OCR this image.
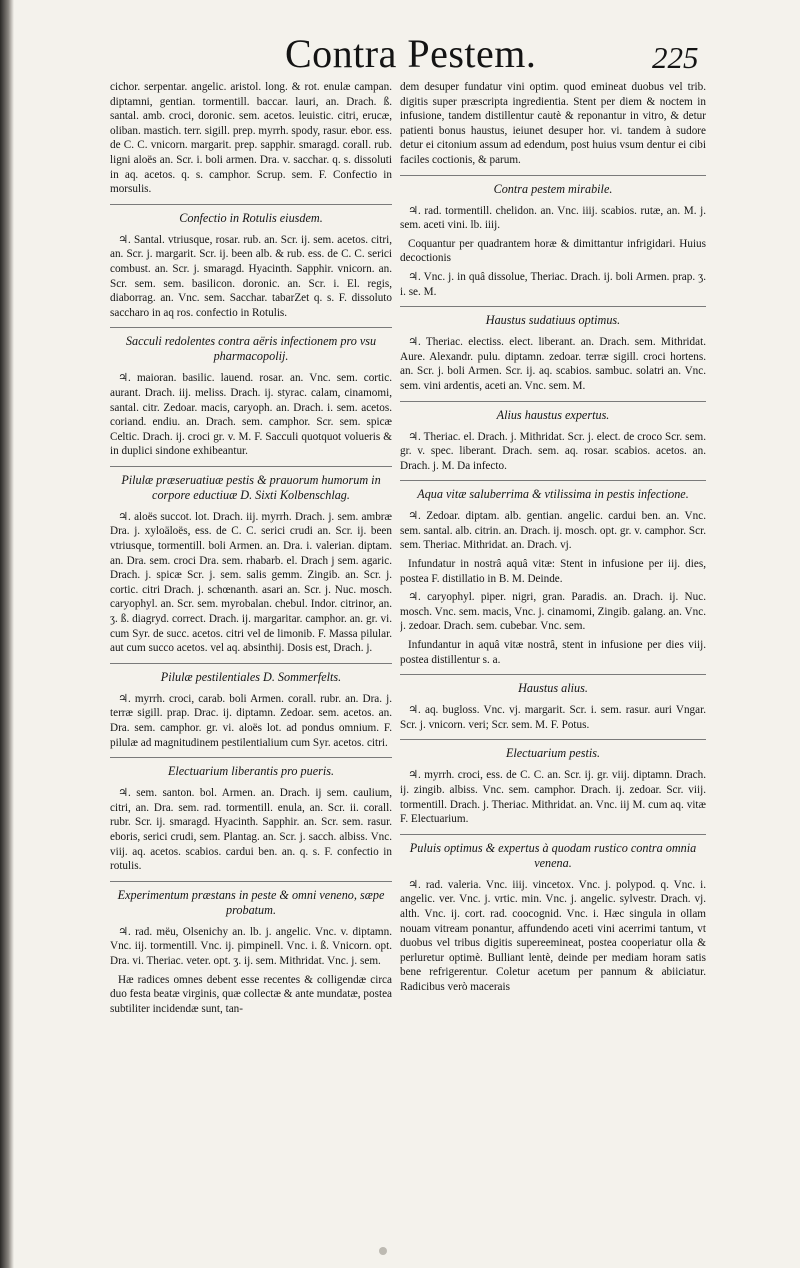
Contra Pestem.	225

cichor. serpentar. angelic. aristol. long. & rot. enulæ campan. diptamni, gentian. tormentill. baccar. lauri, an. Drach. ß. santal. amb. croci, doronic. sem. acetos. leuistic. citri, erucæ, oliban. mastich. terr. sigill. prep. myrrh. spody, rasur. ebor. ess. de C. C. vnicorn. margarit. prep. sapphir. smaragd. corall. rub. ligni aloës an. Scr. i. boli armen. Dra. v. sacchar. q. s. dissoluti in aq. acetos. q. s. camphor. Scrup. sem. F. Confectio in morsulis.

Confectio in Rotulis eiusdem.

♃. Santal. vtriusque, rosar. rub. an. Scr. ij. sem. acetos. citri, an. Scr. j. margarit. Scr. ij. been alb. & rub. ess. de C. C. serici combust. an. Scr. j. smaragd. Hyacinth. Sapphir. vnicorn. an. Scr. sem. sem. basilicon. doronic. an. Scr. i. El. regis, diaborrag. an. Vnc. sem. Sacchar. tabarZet q. s. F. dissoluto saccharo in aq ros. confectio in Rotulis.

Sacculi redolentes contra aëris infectionem pro vsu pharmacopolij.

♃. maioran. basilic. lauend. rosar. an. Vnc. sem. cortic. aurant. Drach. iij. meliss. Drach. ij. styrac. calam, cinamomi, santal. citr. Zedoar. macis, caryoph. an. Drach. i. sem. acetos. coriand. endiu. an. Drach. sem. camphor. Scr. sem. spicæ Celtic. Drach. ij. croci gr. v. M. F. Sacculi quotquot volueris & in duplici sindone exhibeantur.

Pilulæ præseruatiuæ pestis & prauorum humorum in corpore eductiuæ D. Sixti Kolbenschlag.

♃. aloës succot. lot. Drach. iij. myrrh. Drach. j. sem. ambræ Dra. j. xyloäloës, ess. de C. C. serici crudi an. Scr. ij. been vtriusque, tormentill. boli Armen. an. Dra. i. valerian. diptam. an. Dra. sem. croci Dra. sem. rhabarb. el. Drach j sem. agaric. Drach. j. spicæ Scr. j. sem. salis gemm. Zingib. an. Scr. j. cortic. citri Drach. j. schœnanth. asari an. Scr. j. Nuc. mosch. caryophyl. an. Scr. sem. myrobalan. chebul. Indor. citrinor, an. ʒ. ß. diagryd. correct. Drach. ij. margaritar. camphor. an. gr. vi. cum Syr. de succ. acetos. citri vel de limonib. F. Massa pilular. aut cum succo acetos. vel aq. absinthij. Dosis est, Drach. j.

Pilulæ pestilentiales D. Sommerfelts.

♃. myrrh. croci, carab. boli Armen. corall. rubr. an. Dra. j. terræ sigill. prap. Drac. ij. diptamn. Zedoar. sem. acetos. an. Dra. sem. camphor. gr. vi. aloës lot. ad pondus omnium. F. pilulæ ad magnitudinem pestilentialium cum Syr. acetos. citri.

Electuarium liberantis pro pueris.

♃. sem. santon. bol. Armen. an. Drach. ij sem. caulium, citri, an. Dra. sem. rad. tormentill. enula, an. Scr. ii. corall. rubr. Scr. ij. smaragd. Hyacinth. Sapphir. an. Scr. sem. rasur. eboris, serici crudi, sem. Plantag. an. Scr. j. sacch. albiss. Vnc. viij. aq. acetos. scabios. cardui ben. an. q. s. F. confectio in rotulis.

Experimentum præstans in peste & omni veneno, sæpe probatum.

♃. rad. mëu, Olsenichy an. lb. j. angelic. Vnc. v. diptamn. Vnc. iij. tormentill. Vnc. ij. pimpinell. Vnc. i. ß. Vnicorn. opt. Dra. vi. Theriac. veter. opt. ʒ. ij. sem. Mithridat. Vnc. j. sem.

Hæ radices omnes debent esse recentes & colligendæ circa duo festa beatæ virginis, quæ collectæ & ante mundatæ, postea subtiliter incidendæ sunt, tan-

dem desuper fundatur vini optim. quod emineat duobus vel trib. digitis super præscripta ingredientia. Stent per diem & noctem in infusione, tandem distillentur cautè & reponantur in vitro, & detur patienti bonus haustus, ieiunet desuper hor. vi. tandem à sudore detur ei citonium assum ad edendum, post huius vsum dentur ei cibi faciles coctionis, & parum.

Contra pestem mirabile.

♃. rad. tormentill. chelidon. an. Vnc. iiij. scabios. rutæ, an. M. j. sem. aceti vini. lb. iiij.

Coquantur per quadrantem horæ & dimittantur infrigidari. Huius decoctionis

♃. Vnc. j. in quâ dissolue, Theriac. Drach. ij. boli Armen. prap. ʒ. i. se. M.

Haustus sudatiuus optimus.

♃. Theriac. electiss. elect. liberant. an. Drach. sem. Mithridat. Aure. Alexandr. pulu. diptamn. zedoar. terræ sigill. croci hortens. an. Scr. j. boli Armen. Scr. ij. aq. scabios. sambuc. solatri an. Vnc. sem. vini ardentis, aceti an. Vnc. sem. M.

Alius haustus expertus.

♃. Theriac. el. Drach. j. Mithridat. Scr. j. elect. de croco Scr. sem. gr. v. spec. liberant. Drach. sem. aq. rosar. scabios. acetos. an. Drach. j. M. Da infecto.

Aqua vitæ saluberrima & vtilissima in pestis infectione.

♃. Zedoar. diptam. alb. gentian. angelic. cardui ben. an. Vnc. sem. santal. alb. citrin. an. Drach. ij. mosch. opt. gr. v. camphor. Scr. sem. Theriac. Mithridat. an. Drach. vj.

Infundatur in nostrâ aquâ vitæ: Stent in infusione per iij. dies, postea F. distillatio in B. M. Deinde.

♃. caryophyl. piper. nigri, gran. Paradis. an. Drach. ij. Nuc. mosch. Vnc. sem. macis, Vnc. j. cinamomi, Zingib. galang. an. Vnc. j. zedoar. Drach. sem. cubebar. Vnc. sem.

Infundantur in aquâ vitæ nostrâ, stent in infusione per dies viij. postea distillentur s. a.

Haustus alius.

♃. aq. bugloss. Vnc. vj. margarit. Scr. i. sem. rasur. auri Vngar. Scr. j. vnicorn. veri; Scr. sem. M. F. Potus.

Electuarium pestis.

♃. myrrh. croci, ess. de C. C. an. Scr. ij. gr. viij. diptamn. Drach. ij. zingib. albiss. Vnc. sem. camphor. Drach. ij. zedoar. Scr. viij. tormentill. Drach. j. Theriac. Mithridat. an. Vnc. iij M. cum aq. vitæ F. Electuarium.

Puluis optimus & expertus à quodam rustico contra omnia venena.

♃. rad. valeria. Vnc. iiij. vincetox. Vnc. j. polypod. q. Vnc. i. angelic. ver. Vnc. j. vrtic. min. Vnc. j. angelic. sylvestr. Drach. vj. alth. Vnc. ij. cort. rad. coocognid. Vnc. i. Hæc singula in ollam nouam vitream ponantur, affundendo aceti vini acerrimi tantum, vt duobus vel tribus digitis supereemineat, postea cooperiatur olla & perluretur optimè. Bulliant lentè, deinde per mediam horam satis bene refrigerentur. Coletur acetum per pannum & abiiciatur. Radicibus verò macerais
